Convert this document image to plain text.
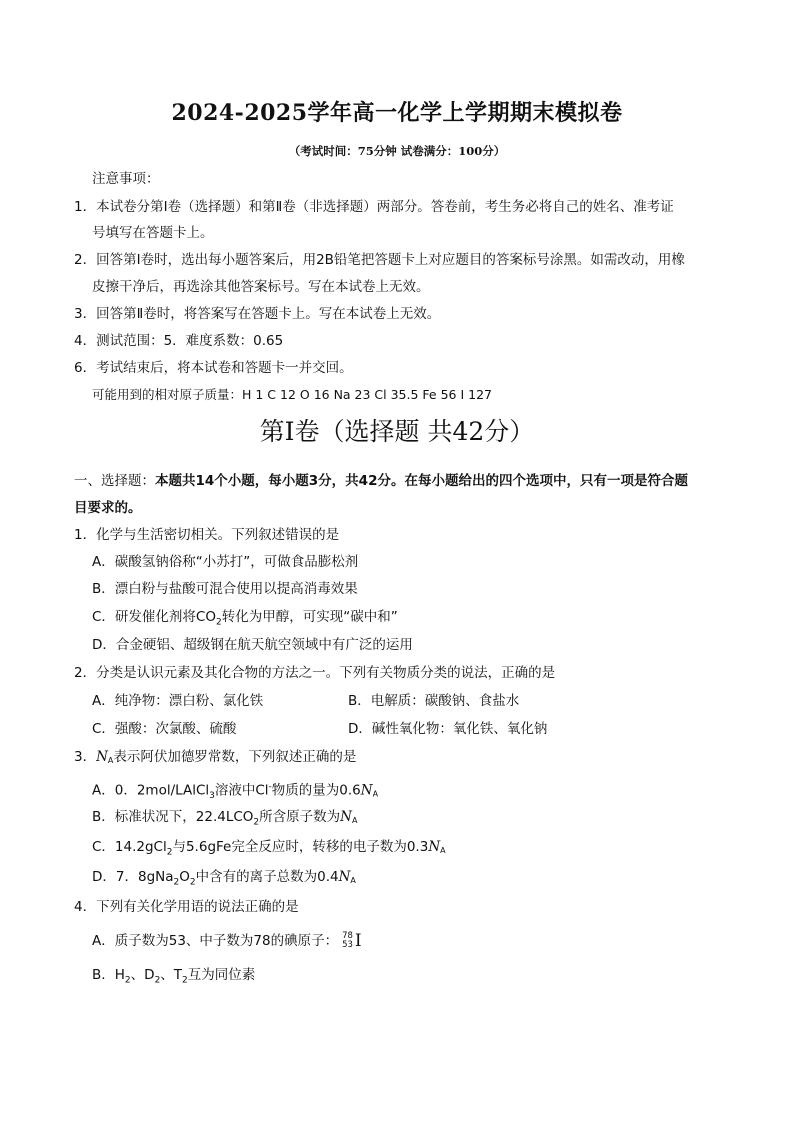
2024-2025学年高一化学上学期期末模拟卷
（考试时间：75分钟 试卷满分：100分）
注意事项：
1．本试卷分第Ⅰ卷（选择题）和第Ⅱ卷（非选择题）两部分。答卷前，考生务必将自己的姓名、准考证
号填写在答题卡上。
2．回答第Ⅰ卷时，选出每小题答案后，用2B铅笔把答题卡上对应题目的答案标号涂黑。如需改动，用橡
皮擦干净后，再选涂其他答案标号。写在本试卷上无效。
3．回答第Ⅱ卷时，将答案写在答题卡上。写在本试卷上无效。
4．测试范围：5．难度系数：0.65
6．考试结束后，将本试卷和答题卡一并交回。
可能用到的相对原子质量：H 1 C 12 O 16 Na 23 Cl 35.5 Fe 56 I 127
第Ⅰ卷（选择题 共42分）
一、选择题：本题共14个小题，每小题3分，共42分。在每小题给出的四个选项中，只有一项是符合题
目要求的。
1．化学与生活密切相关。下列叙述错误的是
A．碳酸氢钠俗称“小苏打”，可做食品膨松剂
B．漂白粉与盐酸可混合使用以提高消毒效果
C．研发催化剂将$CO_2$转化为甲醇，可实现“碳中和”
D．合金硬铝、超级钢在航天航空领域中有广泛的运用
2．分类是认识元素及其化合物的方法之一。下列有关物质分类的说法，正确的是
A．纯净物：漂白粉、氯化铁	B．电解质：碳酸钠、食盐水
C．强酸：次氯酸、硫酸	D．碱性氧化物：氧化铁、氧化钠
3．NA表示阿伏加德罗常数，下列叙述正确的是
A．0．2mol/LAlCl$_3$溶液中Cl-物质的量为0.6NA
B．标准状况下，$22.4LCO_2$所含原子数为NA
C．14.2gCl$_2$与5.6gFe完全反应时，转移的电子数为0.3NA
D．7．$8gNa_2O_2$中含有的离子总数为0.4NA
4．下列有关化学用语的说法正确的是
A．质子数为53、中子数为78的碘原子： 78
53 I
B．$H_2$、$D_2$、$T_2$互为同位素
